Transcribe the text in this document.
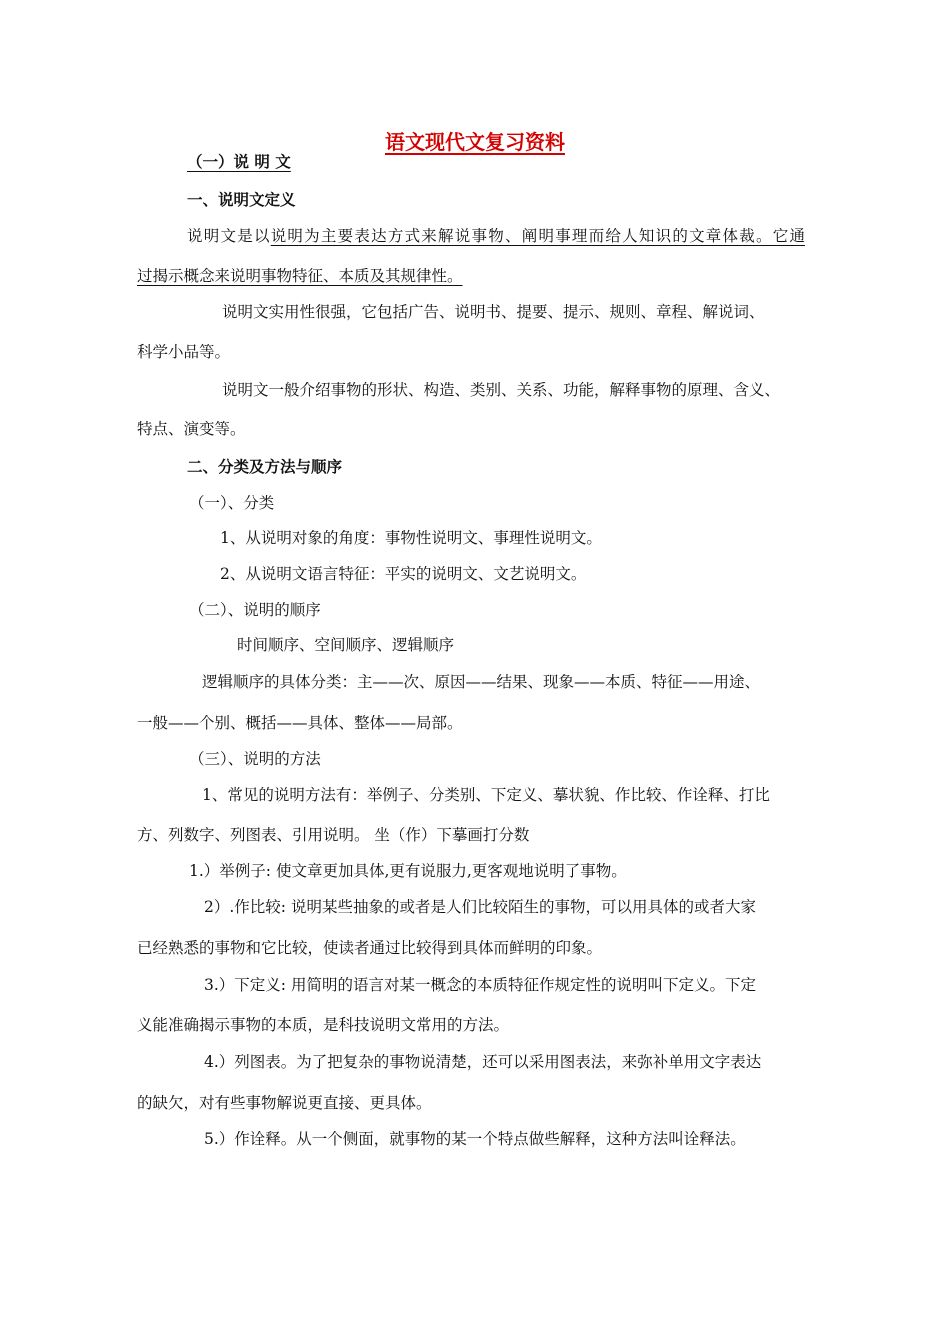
语文现代文复习资料
（一）说 明 文
一、说明文定义
说明文是以说明为主要表达方式来解说事物、阐明事理而给人知识的文章体裁。它通
过揭示概念来说明事物特征、本质及其规律性。
说明文实用性很强，它包括广告、说明书、提要、提示、规则、章程、解说词、
科学小品等。
说明文一般介绍事物的形状、构造、类别、关系、功能，解释事物的原理、含义、
特点、演变等。
二、分类及方法与顺序
（一）、分类
1、从说明对象的角度：事物性说明文、事理性说明文。
2、从说明文语言特征：平实的说明文、文艺说明文。
（二）、说明的顺序
时间顺序、空间顺序、逻辑顺序
逻辑顺序的具体分类：主——次、原因——结果、现象——本质、特征——用途、
一般——个别、概括——具体、整体——局部。
（三）、说明的方法
1、常见的说明方法有：举例子、分类别、下定义、摹状貌、作比较、作诠释、打比
方、列数字、列图表、引用说明。 坐（作）下摹画打分数
1.）举例子: 使文章更加具体,更有说服力,更客观地说明了事物。
2）.作比较: 说明某些抽象的或者是人们比较陌生的事物，可以用具体的或者大家
已经熟悉的事物和它比较，使读者通过比较得到具体而鲜明的印象。
3.）下定义: 用简明的语言对某一概念的本质特征作规定性的说明叫下定义。下定
义能准确揭示事物的本质，是科技说明文常用的方法。
4.）列图表。为了把复杂的事物说清楚，还可以采用图表法，来弥补单用文字表达
的缺欠，对有些事物解说更直接、更具体。
5.）作诠释。从一个侧面，就事物的某一个特点做些解释，这种方法叫诠释法。
